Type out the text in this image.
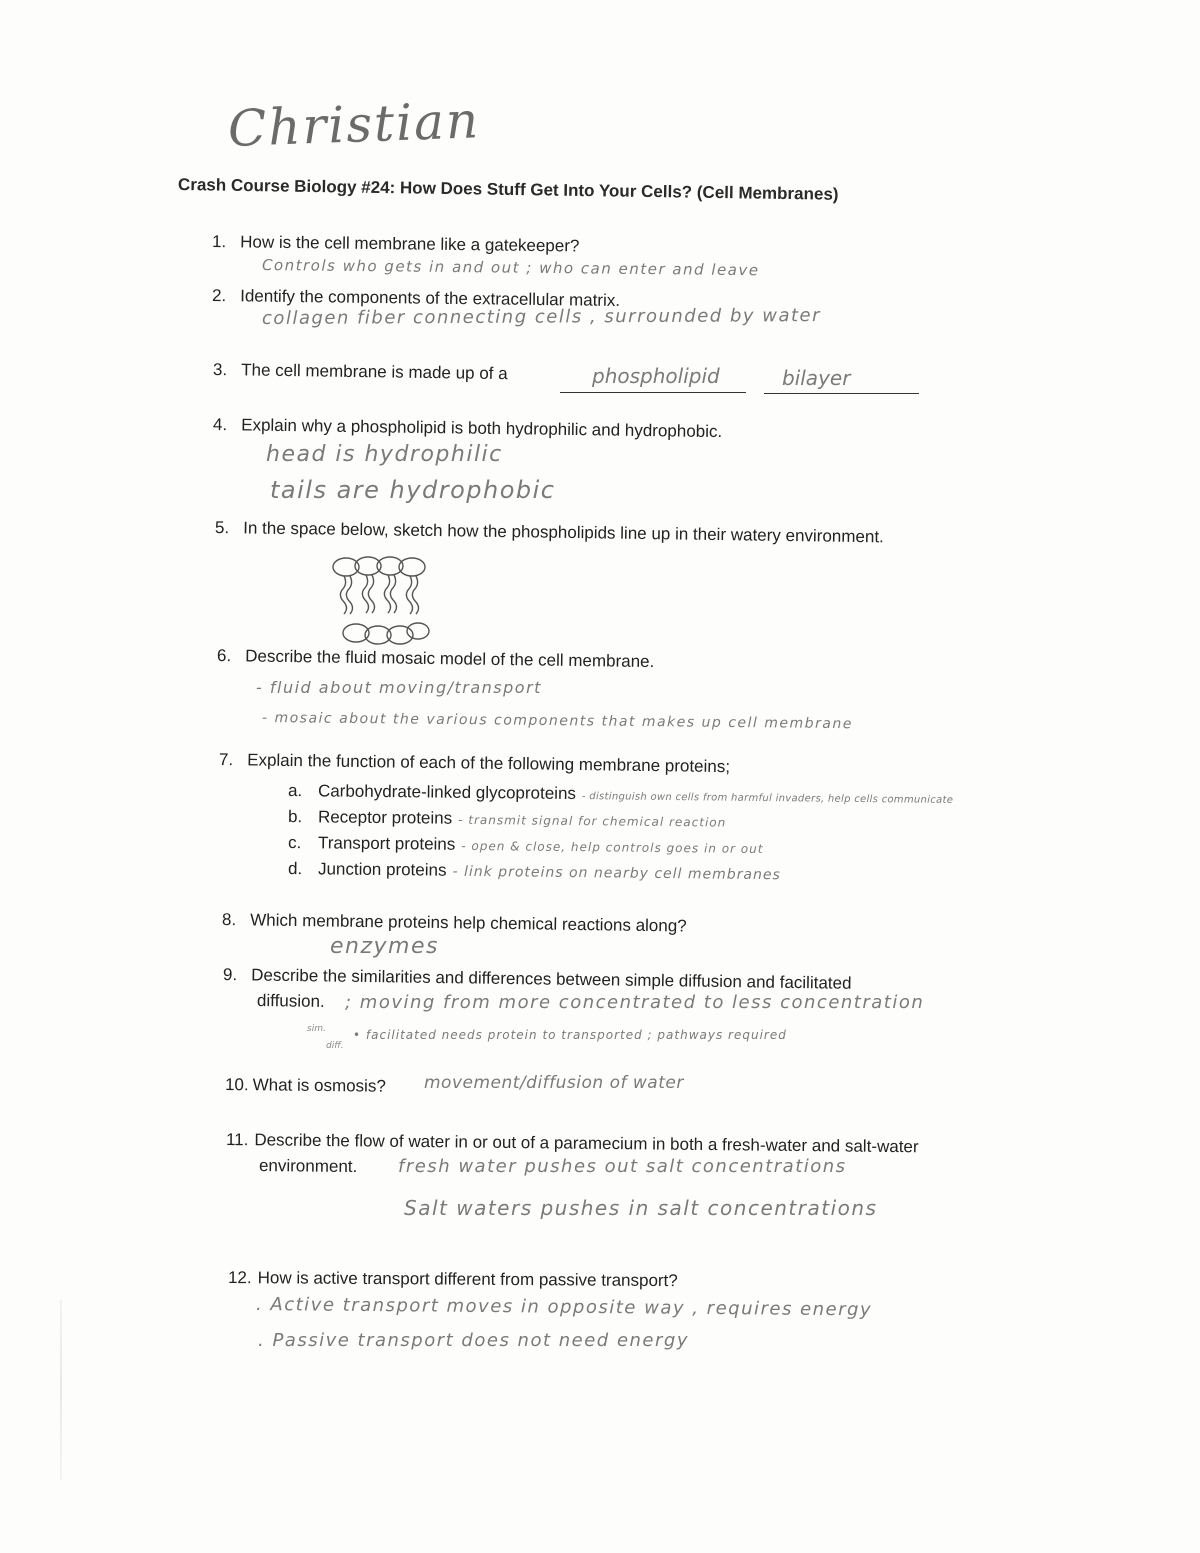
Christian
Crash Course Biology #24: How Does Stuff Get Into Your Cells? (Cell Membranes)
1. How is the cell membrane like a gatekeeper?
Controls who gets in and out ; who can enter and leave
2. Identify the components of the extracellular matrix.
collagen fiber connecting cells , surrounded by water
3. The cell membrane is made up of a	phospholipid	bilayer
4. Explain why a phospholipid is both hydrophilic and hydrophobic.
head is hydrophilic
tails are hydrophobic
5. In the space below, sketch how the phospholipids line up in their watery environment.
6. Describe the fluid mosaic model of the cell membrane.
- fluid about moving/transport
- mosaic about the various components that makes up cell membrane
7. Explain the function of each of the following membrane proteins;
a. Carbohydrate-linked glycoproteins - distinguish own cells from harmful invaders, help cells communicate
b. Receptor proteins - transmit signal for chemical reaction
c. Transport proteins - open & close, help controls goes in or out
d. Junction proteins - link proteins on nearby cell membranes
8. Which membrane proteins help chemical reactions along?
enzymes
9. Describe the similarities and differences between simple diffusion and facilitated
diffusion. ; moving from more concentrated to less concentration
sim.
diff.
• facilitated needs protein to transported ; pathways required
10. What is osmosis? movement/diffusion of water
11. Describe the flow of water in or out of a paramecium in both a fresh-water and salt-water
environment. fresh water pushes out salt concentrations
Salt waters pushes in salt concentrations
12. How is active transport different from passive transport?
. Active transport moves in opposite way , requires energy
. Passive transport does not need energy
